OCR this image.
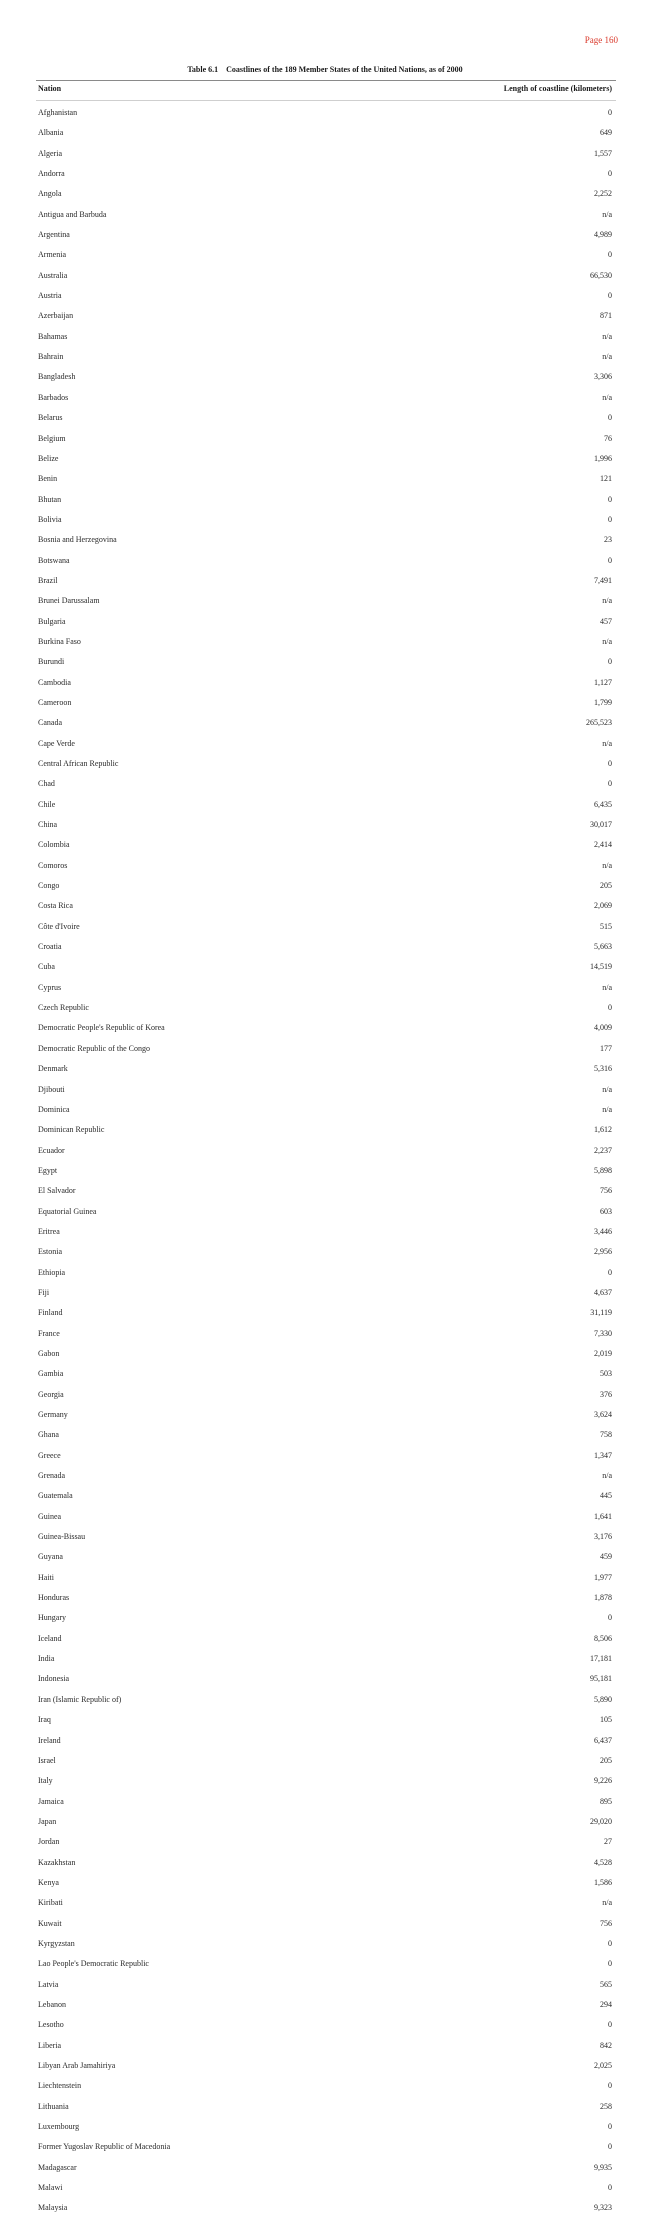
Page 160
Table 6.1 Coastlines of the 189 Member States of the United Nations, as of 2000
Nation	Length of coastline (kilometers)
Afghanistan	0
Albania	649
Algeria	1,557
Andorra	0
Angola	2,252
Antigua and Barbuda	n/a
Argentina	4,989
Armenia	0
Australia	66,530
Austria	0
Azerbaijan	871
Bahamas	n/a
Bahrain	n/a
Bangladesh	3,306
Barbados	n/a
Belarus	0
Belgium	76
Belize	1,996
Benin	121
Bhutan	0
Bolivia	0
Bosnia and Herzegovina	23
Botswana	0
Brazil	7,491
Brunei Darussalam	n/a
Bulgaria	457
Burkina Faso	n/a
Burundi	0
Cambodia	1,127
Cameroon	1,799
Canada	265,523
Cape Verde	n/a
Central African Republic	0
Chad	0
Chile	6,435
China	30,017
Colombia	2,414
Comoros	n/a
Congo	205
Costa Rica	2,069
Côte d'Ivoire	515
Croatia	5,663
Cuba	14,519
Cyprus	n/a
Czech Republic	0
Democratic People's Republic of Korea	4,009
Democratic Republic of the Congo	177
Denmark	5,316
Djibouti	n/a
Dominica	n/a
Dominican Republic	1,612
Ecuador	2,237
Egypt	5,898
El Salvador	756
Equatorial Guinea	603
Eritrea	3,446
Estonia	2,956
Ethiopia	0
Fiji	4,637
Finland	31,119
France	7,330
Gabon	2,019
Gambia	503
Georgia	376
Germany	3,624
Ghana	758
Greece	1,347
Grenada	n/a
Guatemala	445
Guinea	1,641
Guinea-Bissau	3,176
Guyana	459
Haiti	1,977
Honduras	1,878
Hungary	0
Iceland	8,506
India	17,181
Indonesia	95,181
Iran (Islamic Republic of)	5,890
Iraq	105
Ireland	6,437
Israel	205
Italy	9,226
Jamaica	895
Japan	29,020
Jordan	27
Kazakhstan	4,528
Kenya	1,586
Kiribati	n/a
Kuwait	756
Kyrgyzstan	0
Lao People's Democratic Republic	0
Latvia	565
Lebanon	294
Lesotho	0
Liberia	842
Libyan Arab Jamahiriya	2,025
Liechtenstein	0
Lithuania	258
Luxembourg	0
Former Yugoslav Republic of Macedonia	0
Madagascar	9,935
Malawi	0
Malaysia	9,323
